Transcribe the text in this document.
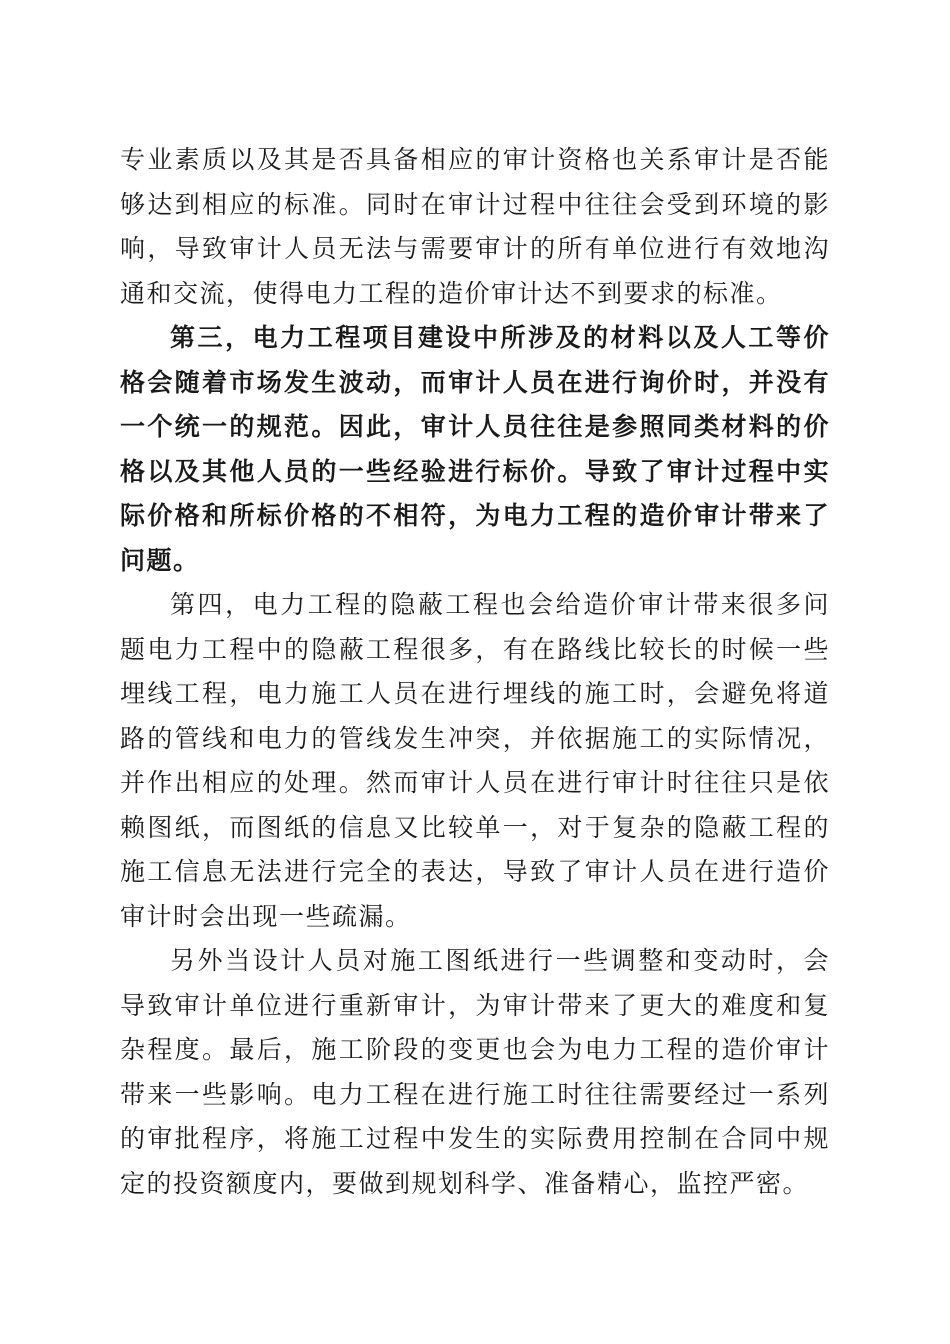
专业素质以及其是否具备相应的审计资格也关系审计是否能够达到相应的标准。同时在审计过程中往往会受到环境的影响，导致审计人员无法与需要审计的所有单位进行有效地沟通和交流，使得电力工程的造价审计达不到要求的标准。

第三，电力工程项目建设中所涉及的材料以及人工等价格会随着市场发生波动，而审计人员在进行询价时，并没有一个统一的规范。因此，审计人员往往是参照同类材料的价格以及其他人员的一些经验进行标价。导致了审计过程中实际价格和所标价格的不相符，为电力工程的造价审计带来了问题。

第四，电力工程的隐蔽工程也会给造价审计带来很多问题电力工程中的隐蔽工程很多，有在路线比较长的时候一些埋线工程，电力施工人员在进行埋线的施工时，会避免将道路的管线和电力的管线发生冲突，并依据施工的实际情况，并作出相应的处理。然而审计人员在进行审计时往往只是依赖图纸，而图纸的信息又比较单一，对于复杂的隐蔽工程的施工信息无法进行完全的表达，导致了审计人员在进行造价审计时会出现一些疏漏。

另外当设计人员对施工图纸进行一些调整和变动时，会导致审计单位进行重新审计，为审计带来了更大的难度和复杂程度。最后，施工阶段的变更也会为电力工程的造价审计带来一些影响。电力工程在进行施工时往往需要经过一系列的审批程序，将施工过程中发生的实际费用控制在合同中规定的投资额度内，要做到规划科学、准备精心，监控严密。
